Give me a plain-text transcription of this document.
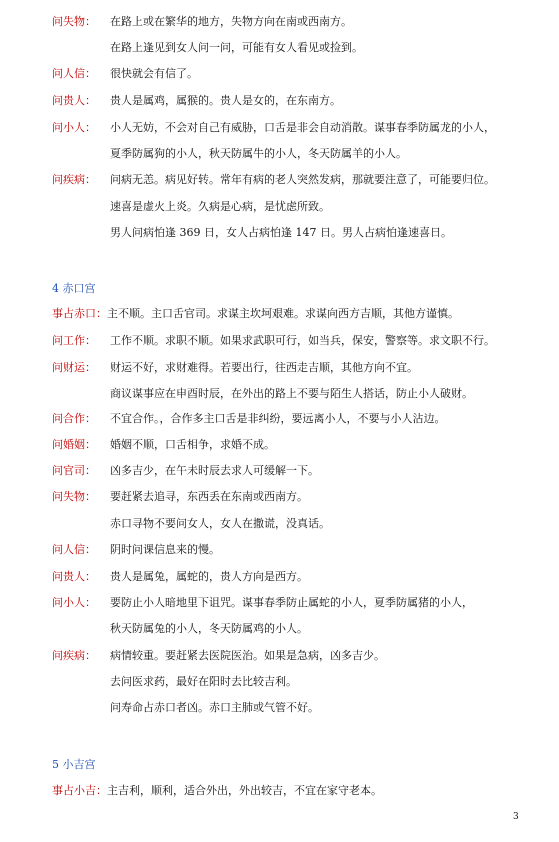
问失物： 在路上或在繁华的地方，失物方向在南或西南方。
在路上逢见到女人问一问，可能有女人看见或捡到。
问人信： 很快就会有信了。
问贵人： 贵人是属鸡，属猴的。贵人是女的，在东南方。
问小人： 小人无妨，不会对自己有威胁，口舌是非会自动消散。谋事春季防属龙的小人，
夏季防属狗的小人，秋天防属牛的小人，冬天防属羊的小人。
问疾病： 问病无恙。病见好转。常年有病的老人突然发病，那就要注意了，可能要归位。
速喜是虚火上炎。久病是心病，是忧虑所致。
男人问病怕逢 369 日，女人占病怕逢 147 日。男人占病怕逢速喜日。
4 赤口宫
事占赤口： 主不顺。主口舌官司。求谋主坎坷艰难。求谋向西方吉顺，其他方谨慎。
问工作： 工作不顺。求职不顺。如果求武职可行，如当兵，保安，警察等。求文职不行。
问财运： 财运不好，求财难得。若要出行，往西走吉顺，其他方向不宜。
商议谋事应在申酉时辰，在外出的路上不要与陌生人搭话，防止小人破财。
问合作： 不宜合作。，合作多主口舌是非纠纷，要远离小人，不要与小人沾边。
问婚姻： 婚姻不顺，口舌相争，求婚不成。
问官司： 凶多吉少，在午未时辰去求人可缓解一下。
问失物： 要赶紧去追寻，东西丢在东南或西南方。
赤口寻物不要问女人，女人在撒谎，没真话。
问人信： 阴时问课信息来的慢。
问贵人： 贵人是属兔，属蛇的，贵人方向是西方。
问小人： 要防止小人暗地里下诅咒。谋事春季防止属蛇的小人，夏季防属猪的小人，
秋天防属兔的小人，冬天防属鸡的小人。
问疾病： 病情较重。要赶紧去医院医治。如果是急病，凶多吉少。
去问医求药，最好在阳时去比较吉利。
问寿命占赤口者凶。赤口主肺或气管不好。
5 小吉宫
事占小吉： 主吉利，顺利，适合外出，外出较吉，不宜在家守老本。
3
